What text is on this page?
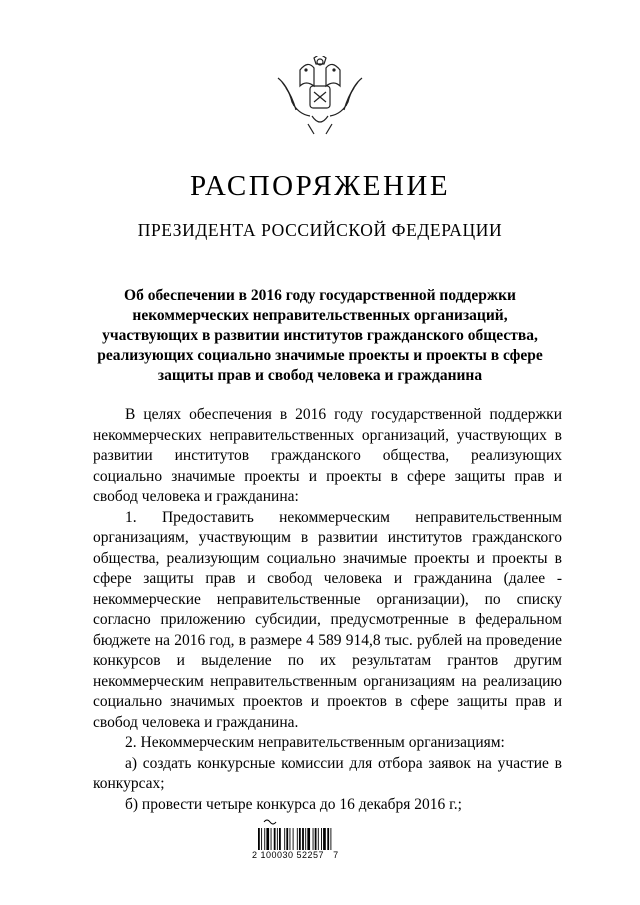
РАСПОРЯЖЕНИЕ
ПРЕЗИДЕНТА РОССИЙСКОЙ ФЕДЕРАЦИИ
Об обеспечении в 2016 году государственной поддержки
некоммерческих неправительственных организаций,
участвующих в развитии институтов гражданского общества,
реализующих социально значимые проекты и проекты в сфере
защиты прав и свобод человека и гражданина

В целях обеспечения в 2016 году государственной поддержки
некоммерческих неправительственных организаций, участвующих в
развитии институтов гражданского общества, реализующих
социально значимые проекты и проекты в сфере защиты прав и
свобод человека и гражданина:

1. Предоставить некоммерческим неправительственным
организациям, участвующим в развитии институтов гражданского
общества, реализующим социально значимые проекты и проекты в
сфере защиты прав и свобод человека и гражданина (далее -
некоммерческие неправительственные организации), по списку
согласно приложению субсидии, предусмотренные в федеральном
бюджете на 2016 год, в размере 4 589 914,8 тыс. рублей на проведение
конкурсов и выделение по их результатам грантов другим
некоммерческим неправительственным организациям на реализацию
социально значимых проектов и проектов в сфере защиты прав и
свобод человека и гражданина.

2. Некоммерческим неправительственным организациям:

а) создать конкурсные комиссии для отбора заявок на участие в
конкурсах;

б) провести четыре конкурса до 16 декабря 2016 г.;

2 100030 52257   7
